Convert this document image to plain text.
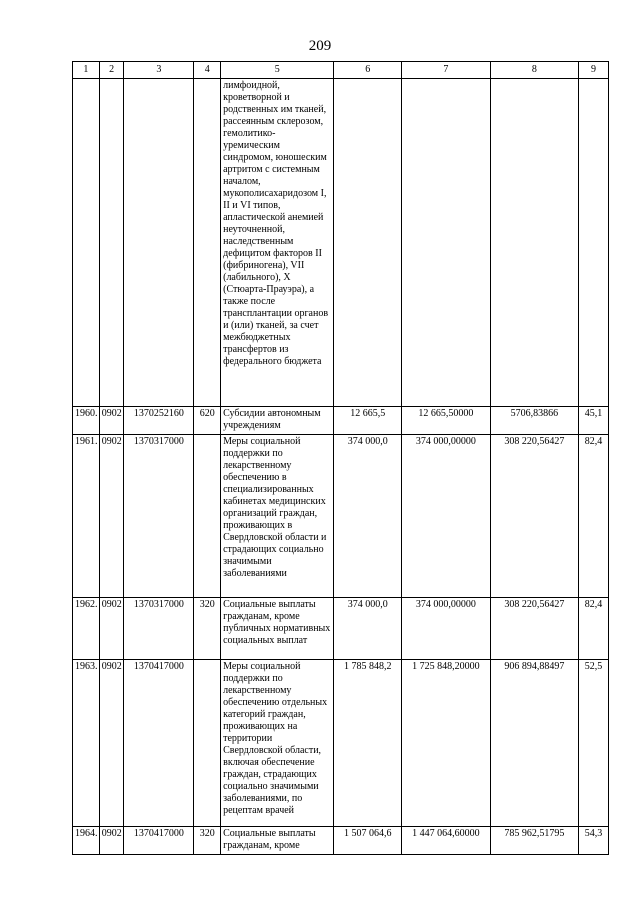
209
1	2	3	4	5	6	7	8	9
				лимфоидной, кроветворной и родственных им тканей, рассеянным склерозом, гемолитико-уремическим синдромом, юношеским артритом с системным началом, мукополисахаридозом I, II и VI типов, апластической анемией неуточненной, наследственным дефицитом факторов II (фибриногена), VII (лабильного), X (Стюарта-Прауэра), а также после трансплантации органов и (или) тканей, за счет межбюджетных трансфертов из федерального бюджета				
1960.	0902	1370252160	620	Субсидии автономным учреждениям	12 665,5	12 665,50000	5706,83866	45,1
1961.	0902	1370317000		Меры социальной поддержки по лекарственному обеспечению в специализированных кабинетах медицинских организаций граждан, проживающих в Свердловской области и страдающих социально значимыми заболеваниями	374 000,0	374 000,00000	308 220,56427	82,4
1962.	0902	1370317000	320	Социальные выплаты гражданам, кроме публичных нормативных социальных выплат	374 000,0	374 000,00000	308 220,56427	82,4
1963.	0902	1370417000		Меры социальной поддержки по лекарственному обеспечению отдельных категорий граждан, проживающих на территории Свердловской области, включая обеспечение граждан, страдающих социально значимыми заболеваниями, по рецептам врачей	1 785 848,2	1 725 848,20000	906 894,88497	52,5
1964.	0902	1370417000	320	Социальные выплаты гражданам, кроме	1 507 064,6	1 447 064,60000	785 962,51795	54,3
